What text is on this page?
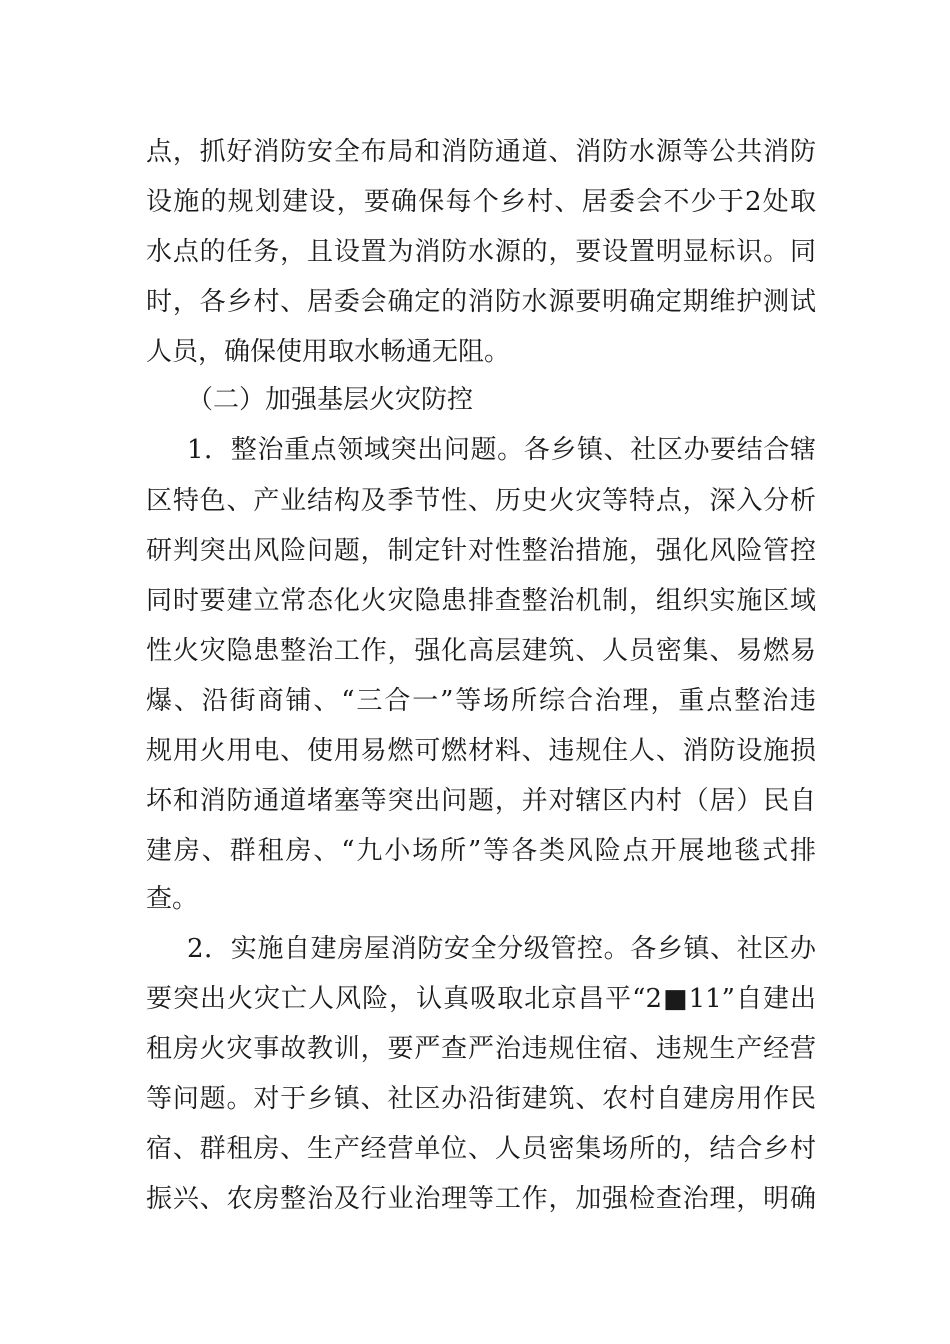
点，抓好消防安全布局和消防通道、消防水源等公共消防
设施的规划建设，要确保每个乡村、居委会不少于2处取
水点的任务，且设置为消防水源的，要设置明显标识。同
时，各乡村、居委会确定的消防水源要明确定期维护测试
人员，确保使用取水畅通无阻。
（二）加强基层火灾防控
1．整治重点领域突出问题。各乡镇、社区办要结合辖
区特色、产业结构及季节性、历史火灾等特点，深入分析
研判突出风险问题，制定针对性整治措施，强化风险管控
同时要建立常态化火灾隐患排查整治机制，组织实施区域
性火灾隐患整治工作，强化高层建筑、人员密集、易燃易
爆、沿街商铺、“三合一”等场所综合治理，重点整治违
规用火用电、使用易燃可燃材料、违规住人、消防设施损
坏和消防通道堵塞等突出问题，并对辖区内村（居）民自
建房、群租房、“九小场所”等各类风险点开展地毯式排
查。
2．实施自建房屋消防安全分级管控。各乡镇、社区办
要突出火灾亡人风险，认真吸取北京昌平“2■11”自建出
租房火灾事故教训，要严查严治违规住宿、违规生产经营
等问题。对于乡镇、社区办沿街建筑、农村自建房用作民
宿、群租房、生产经营单位、人员密集场所的，结合乡村
振兴、农房整治及行业治理等工作，加强检查治理，明确
